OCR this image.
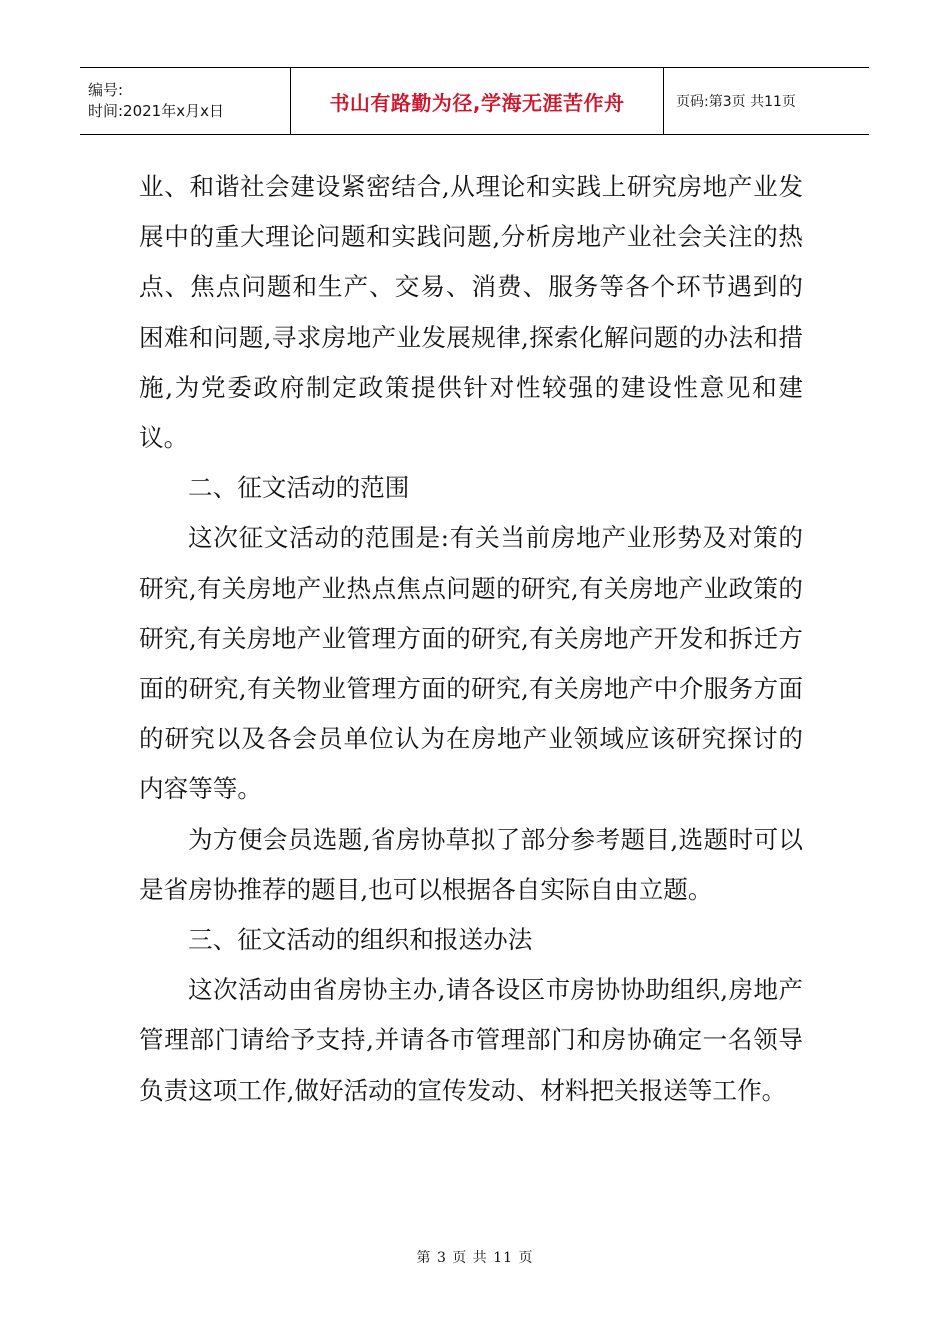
编号:
时间:2021年x月x日	书山有路勤为径,学海无涯苦作舟	页码:第3页 共11页

业、和谐社会建设紧密结合,从理论和实践上研究房地产业发展中的重大理论问题和实践问题,分析房地产业社会关注的热点、焦点问题和生产、交易、消费、服务等各个环节遇到的困难和问题,寻求房地产业发展规律,探索化解问题的办法和措施,为党委政府制定政策提供针对性较强的建设性意见和建议。

二、征文活动的范围

这次征文活动的范围是:有关当前房地产业形势及对策的研究,有关房地产业热点焦点问题的研究,有关房地产业政策的研究,有关房地产业管理方面的研究,有关房地产开发和拆迁方面的研究,有关物业管理方面的研究,有关房地产中介服务方面的研究以及各会员单位认为在房地产业领域应该研究探讨的内容等等。

为方便会员选题,省房协草拟了部分参考题目,选题时可以是省房协推荐的题目,也可以根据各自实际自由立题。

三、征文活动的组织和报送办法

这次活动由省房协主办,请各设区市房协协助组织,房地产管理部门请给予支持,并请各市管理部门和房协确定一名领导负责这项工作,做好活动的宣传发动、材料把关报送等工作。

第 3 页 共 11 页
